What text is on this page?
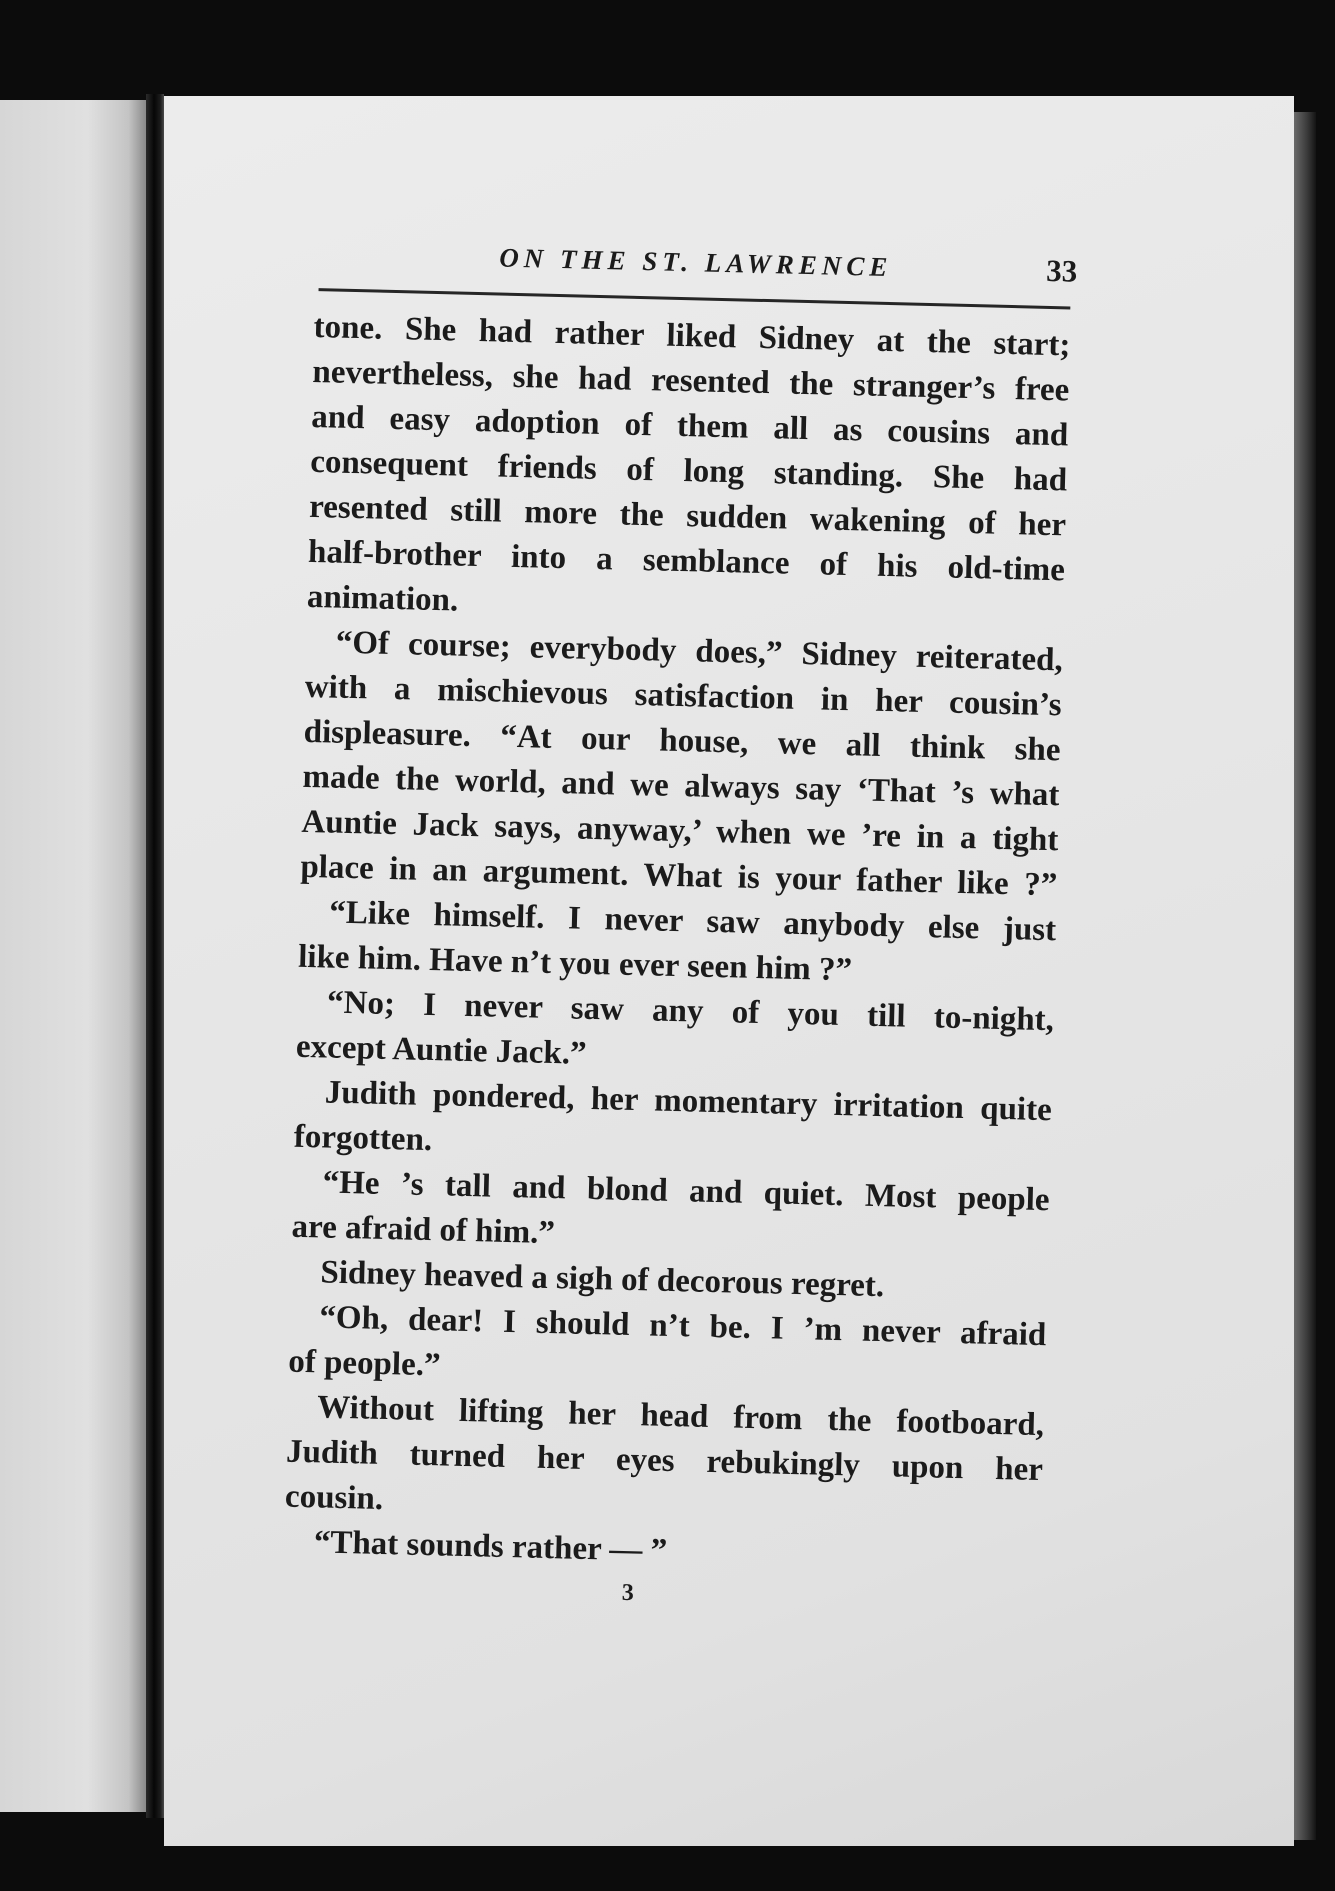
ON THE ST. LAWRENCE	33
tone. She had rather liked Sidney at the start;
nevertheless, she had resented the stranger’s free
and easy adoption of them all as cousins and
consequent friends of long standing. She had
resented still more the sudden wakening of her
half-brother into a semblance of his old-time
animation.
“Of course; everybody does,” Sidney reiterated,
with a mischievous satisfaction in her cousin’s
displeasure. “At our house, we all think she
made the world, and we always say ‘That ’s what
Auntie Jack says, anyway,’ when we ’re in a tight
place in an argument. What is your father like ?”
“Like himself. I never saw anybody else just
like him. Have n’t you ever seen him ?”
“No; I never saw any of you till to-night,
except Auntie Jack.”
Judith pondered, her momentary irritation quite
forgotten.
“He ’s tall and blond and quiet. Most people
are afraid of him.”
Sidney heaved a sigh of decorous regret.
“Oh, dear! I should n’t be. I ’m never afraid
of people.”
Without lifting her head from the footboard,
Judith turned her eyes rebukingly upon her
cousin.
“That sounds rather — ”
3
